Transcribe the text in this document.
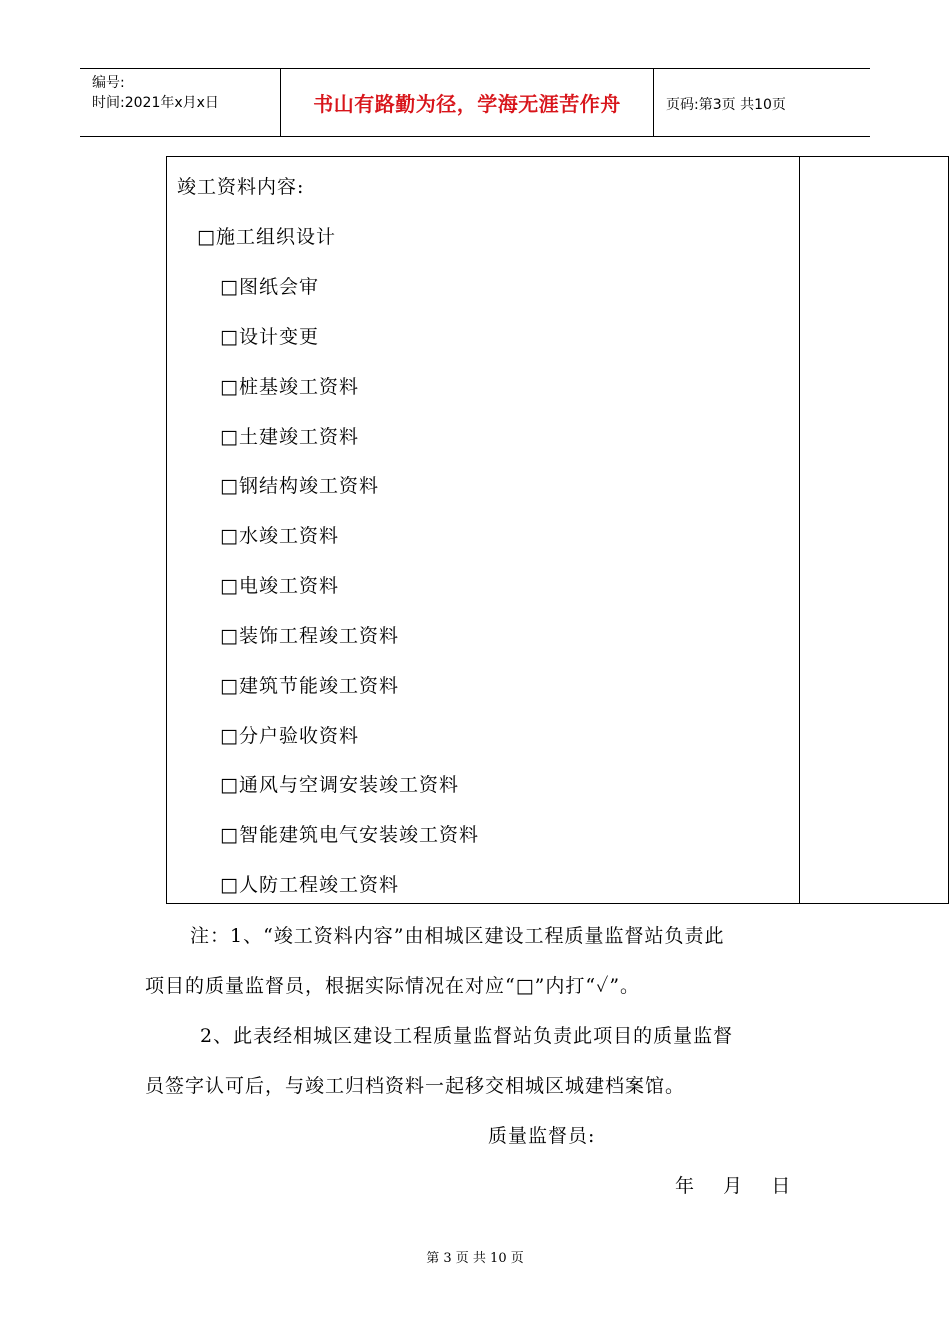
编号:
时间:2021年x月x日	书山有路勤为径，学海无涯苦作舟	页码:第3页 共10页
竣工资料内容:
□施工组织设计
□图纸会审
□设计变更
□桩基竣工资料
□土建竣工资料
□钢结构竣工资料
□水竣工资料
□电竣工资料
□装饰工程竣工资料
□建筑节能竣工资料
□分户验收资料
□通风与空调安装竣工资料
□智能建筑电气安装竣工资料
□人防工程竣工资料
注：1、“竣工资料内容”由相城区建设工程质量监督站负责此
项目的质量监督员，根据实际情况在对应“□”内打“✓”。
2、此表经相城区建设工程质量监督站负责此项目的质量监督
员签字认可后，与竣工归档资料一起移交相城区城建档案馆。
质量监督员:
年    月    日
第 3 页 共 10 页
